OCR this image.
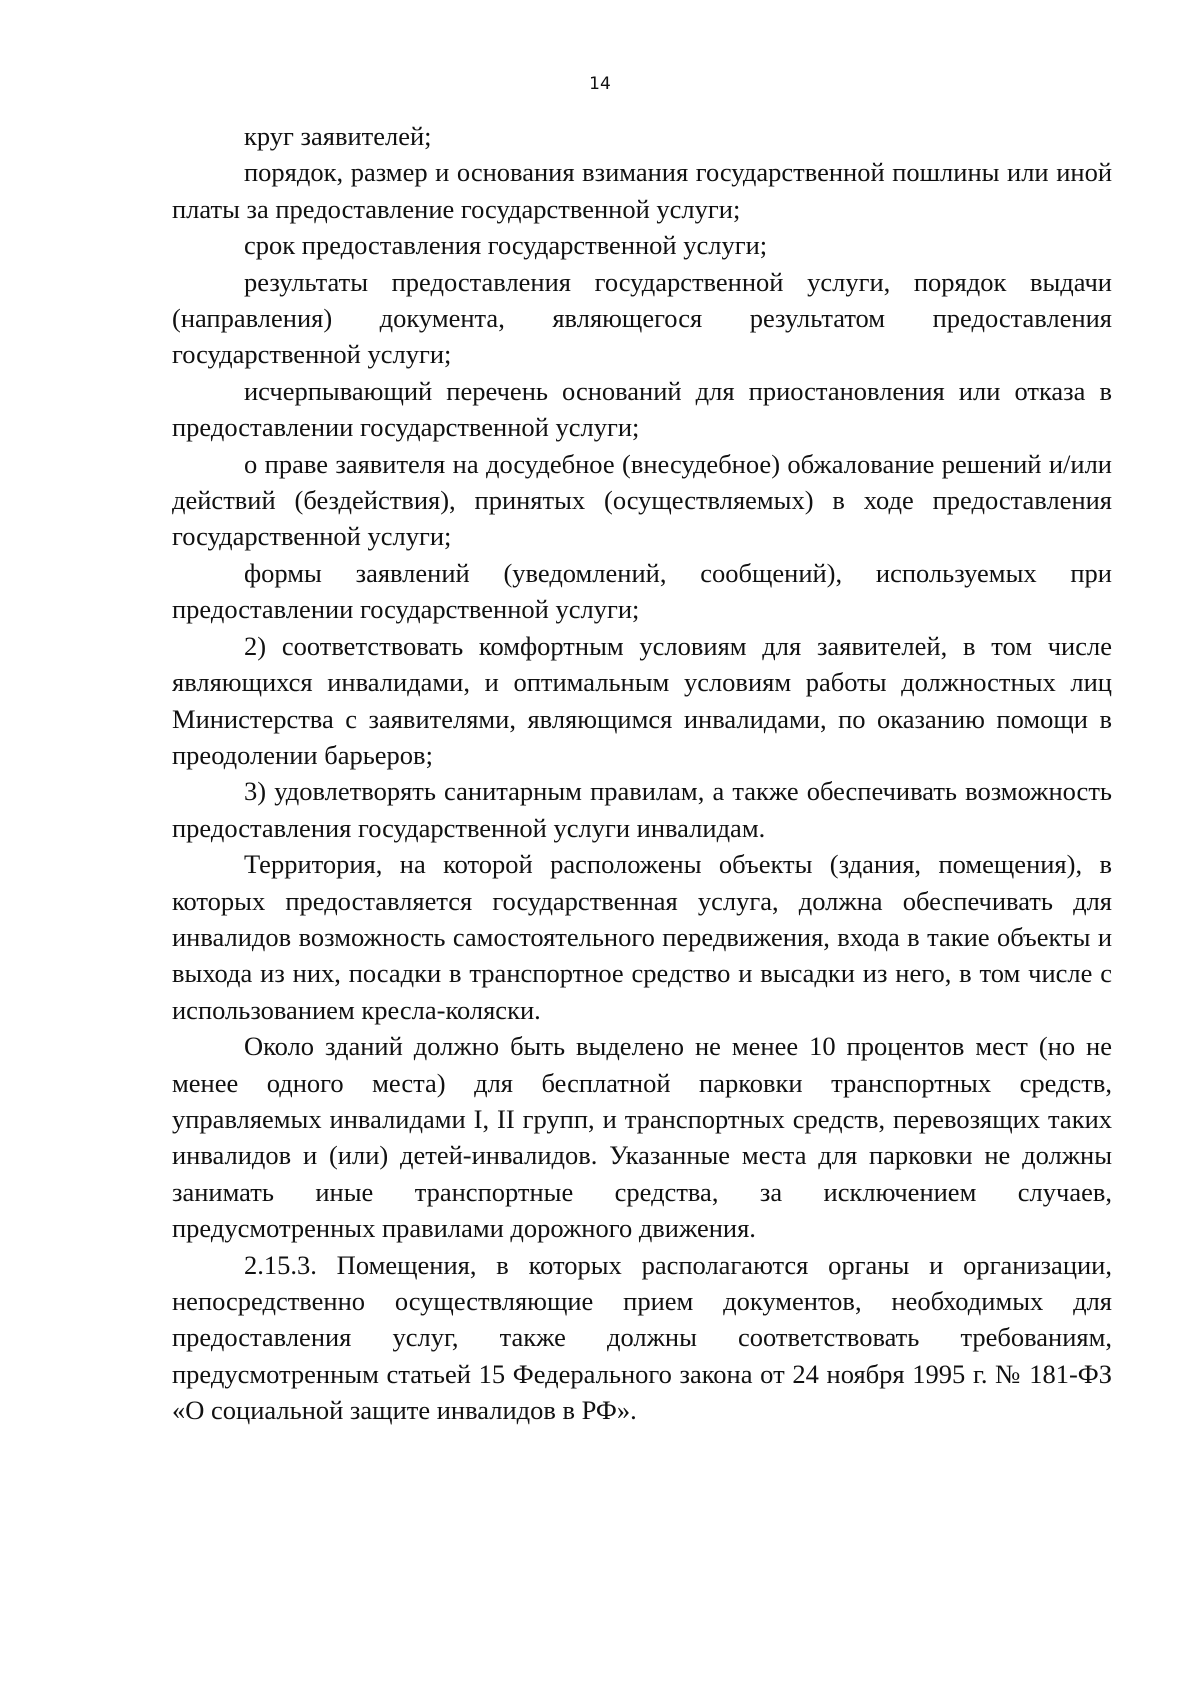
14

круг заявителей;

порядок, размер и основания взимания государственной пошлины или иной платы за предоставление государственной услуги;

срок предоставления государственной услуги;

результаты предоставления государственной услуги, порядок выдачи (направления) документа, являющегося результатом предоставления государственной услуги;

исчерпывающий перечень оснований для приостановления или отказа в предоставлении государственной услуги;

о праве заявителя на досудебное (внесудебное) обжалование решений и/или действий (бездействия), принятых (осуществляемых) в ходе предоставления государственной услуги;

формы заявлений (уведомлений, сообщений), используемых при предоставлении государственной услуги;

2) соответствовать комфортным условиям для заявителей, в том числе являющихся инвалидами, и оптимальным условиям работы должностных лиц Министерства с заявителями, являющимся инвалидами, по оказанию помощи в преодолении барьеров;

3) удовлетворять санитарным правилам, а также обеспечивать возможность предоставления государственной услуги инвалидам.

Территория, на которой расположены объекты (здания, помещения), в которых предоставляется государственная услуга, должна обеспечивать для инвалидов возможность самостоятельного передвижения, входа в такие объекты и выхода из них, посадки в транспортное средство и высадки из него, в том числе с использованием кресла-коляски.

Около зданий должно быть выделено не менее 10 процентов мест (но не менее одного места) для бесплатной парковки транспортных средств, управляемых инвалидами I, II групп, и транспортных средств, перевозящих таких инвалидов и (или) детей-инвалидов. Указанные места для парковки не должны занимать иные транспортные средства, за исключением случаев, предусмотренных правилами дорожного движения.

2.15.3. Помещения, в которых располагаются органы и организации, непосредственно осуществляющие прием документов, необходимых для предоставления услуг, также должны соответствовать требованиям, предусмотренным статьей 15 Федерального закона от 24 ноября 1995 г. № 181-ФЗ «О социальной защите инвалидов в РФ».
